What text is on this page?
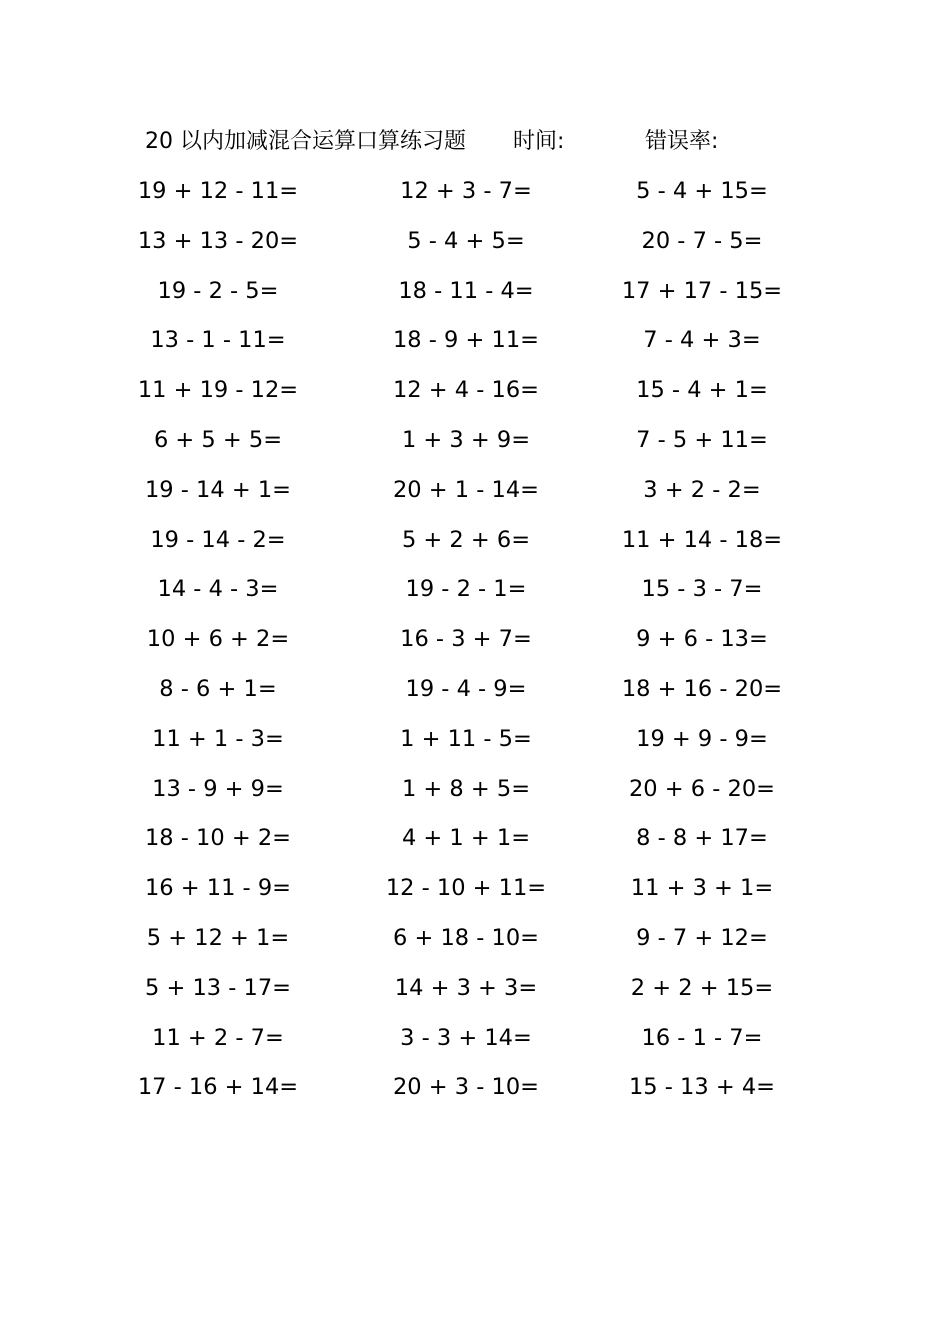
20 以内加减混合运算口算练习题 时间:	错误率:
19 + 12 - 11=	12 + 3 - 7=	5 - 4 + 15=
13 + 13 - 20=	5 - 4 + 5=	20 - 7 - 5=
19 - 2 - 5=	18 - 11 - 4=	17 + 17 - 15=
13 - 1 - 11=	18 - 9 + 11=	7 - 4 + 3=
11 + 19 - 12=	12 + 4 - 16=	15 - 4 + 1=
6 + 5 + 5=	1 + 3 + 9=	7 - 5 + 11=
19 - 14 + 1=	20 + 1 - 14=	3 + 2 - 2=
19 - 14 - 2=	5 + 2 + 6=	11 + 14 - 18=
14 - 4 - 3=	19 - 2 - 1=	15 - 3 - 7=
10 + 6 + 2=	16 - 3 + 7=	9 + 6 - 13=
8 - 6 + 1=	19 - 4 - 9=	18 + 16 - 20=
11 + 1 - 3=	1 + 11 - 5=	19 + 9 - 9=
13 - 9 + 9=	1 + 8 + 5=	20 + 6 - 20=
18 - 10 + 2=	4 + 1 + 1=	8 - 8 + 17=
16 + 11 - 9=	12 - 10 + 11=	11 + 3 + 1=
5 + 12 + 1=	6 + 18 - 10=	9 - 7 + 12=
5 + 13 - 17=	14 + 3 + 3=	2 + 2 + 15=
11 + 2 - 7=	3 - 3 + 14=	16 - 1 - 7=
17 - 16 + 14=	20 + 3 - 10=	15 - 13 + 4=
